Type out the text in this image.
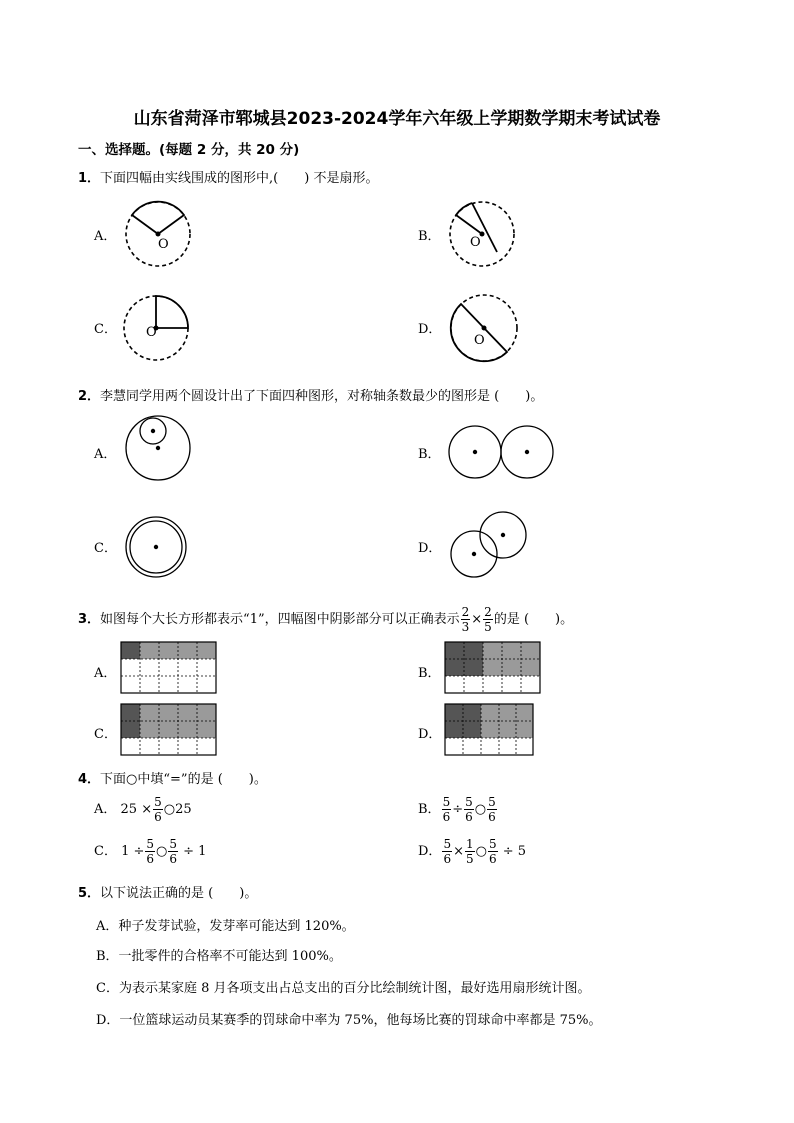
山东省菏泽市郓城县2023-2024学年六年级上学期数学期末考试试卷
一、选择题。(每题 2 分，共 20 分)
1．下面四幅由实线围成的图形中,(　　) 不是扇形。
A．	B．
C．	D．
O	O
O
O
2．李慧同学用两个圆设计出了下面四种图形，对称轴条数最少的图形是 (　　)。
A．	B．
C．	D．
3．如图每个大长方形都表示“1”，四幅图中阴影部分可以正确表示 $\frac{2}{3} \times \frac{2}{5}$ 的是 (　　)。
A．	B．
C．	D．
4．下面○中填“=”的是 (　　)。
A． $25 \times \frac{5}{6}$ ○25	B． $\frac{5}{6} \div \frac{5}{6}$ ○ $\frac{5}{6}$
C． $1 \div \frac{5}{6}$ ○ $\frac{5}{6} \div 1$	D． $\frac{5}{6} \times \frac{1}{5}$ ○ $\frac{5}{6} \div 5$
5．以下说法正确的是 (　　)。
A．种子发芽试验，发芽率可能达到 120%。
B．一批零件的合格率不可能达到 100%。
C．为表示某家庭 8 月各项支出占总支出的百分比绘制统计图，最好选用扇形统计图。
D．一位篮球运动员某赛季的罚球命中率为 75%，他每场比赛的罚球命中率都是 75%。
